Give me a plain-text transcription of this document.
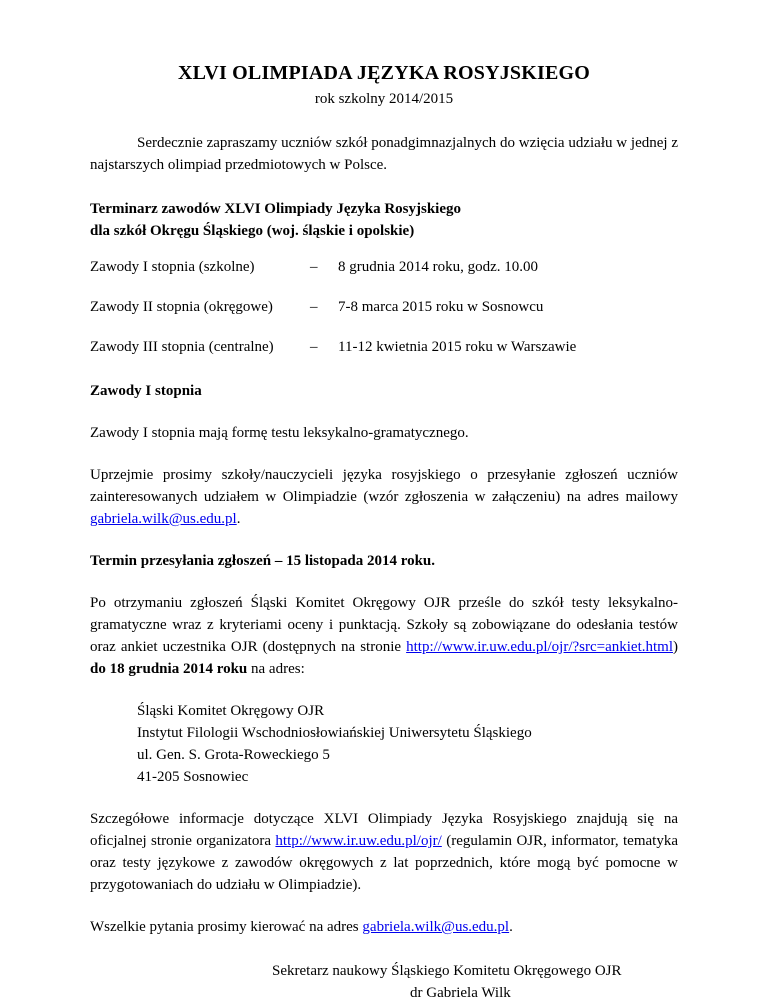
XLVI OLIMPIADA JĘZYKA ROSYJSKIEGO
rok szkolny 2014/2015

Serdecznie zapraszamy uczniów szkół ponadgimnazjalnych do wzięcia udziału w jednej z najstarszych olimpiad przedmiotowych w Polsce.

Terminarz zawodów XLVI Olimpiady Języka Rosyjskiego
dla szkół Okręgu Śląskiego (woj. śląskie i opolskie)
Zawody I stopnia (szkolne)	–	8 grudnia 2014 roku, godz. 10.00
Zawody II stopnia (okręgowe)	–	7-8 marca 2015 roku w Sosnowcu
Zawody III stopnia (centralne)	–	11-12 kwietnia 2015 roku w Warszawie
Zawody I stopnia

Zawody I stopnia mają formę testu leksykalno-gramatycznego.

Uprzejmie prosimy szkoły/nauczycieli języka rosyjskiego o przesyłanie zgłoszeń uczniów zainteresowanych udziałem w Olimpiadzie (wzór zgłoszenia w załączeniu) na adres mailowy gabriela.wilk@us.edu.pl.

Termin przesyłania zgłoszeń – 15 listopada 2014 roku.

Po otrzymaniu zgłoszeń Śląski Komitet Okręgowy OJR prześle do szkół testy leksykalno-gramatyczne wraz z kryteriami oceny i punktacją. Szkoły są zobowiązane do odesłania testów oraz ankiet uczestnika OJR (dostępnych na stronie http://www.ir.uw.edu.pl/ojr/?src=ankiet.html) do 18 grudnia 2014 roku na adres:

Śląski Komitet Okręgowy OJR
Instytut Filologii Wschodniosłowiańskiej Uniwersytetu Śląskiego
ul. Gen. S. Grota-Roweckiego 5
41-205 Sosnowiec

Szczegółowe informacje dotyczące XLVI Olimpiady Języka Rosyjskiego znajdują się na oficjalnej stronie organizatora http://www.ir.uw.edu.pl/ojr/ (regulamin OJR, informator, tematyka oraz testy językowe z zawodów okręgowych z lat poprzednich, które mogą być pomocne w przygotowaniach do udziału w Olimpiadzie).

Wszelkie pytania prosimy kierować na adres gabriela.wilk@us.edu.pl.

Sekretarz naukowy Śląskiego Komitetu Okręgowego OJR
dr Gabriela Wilk
